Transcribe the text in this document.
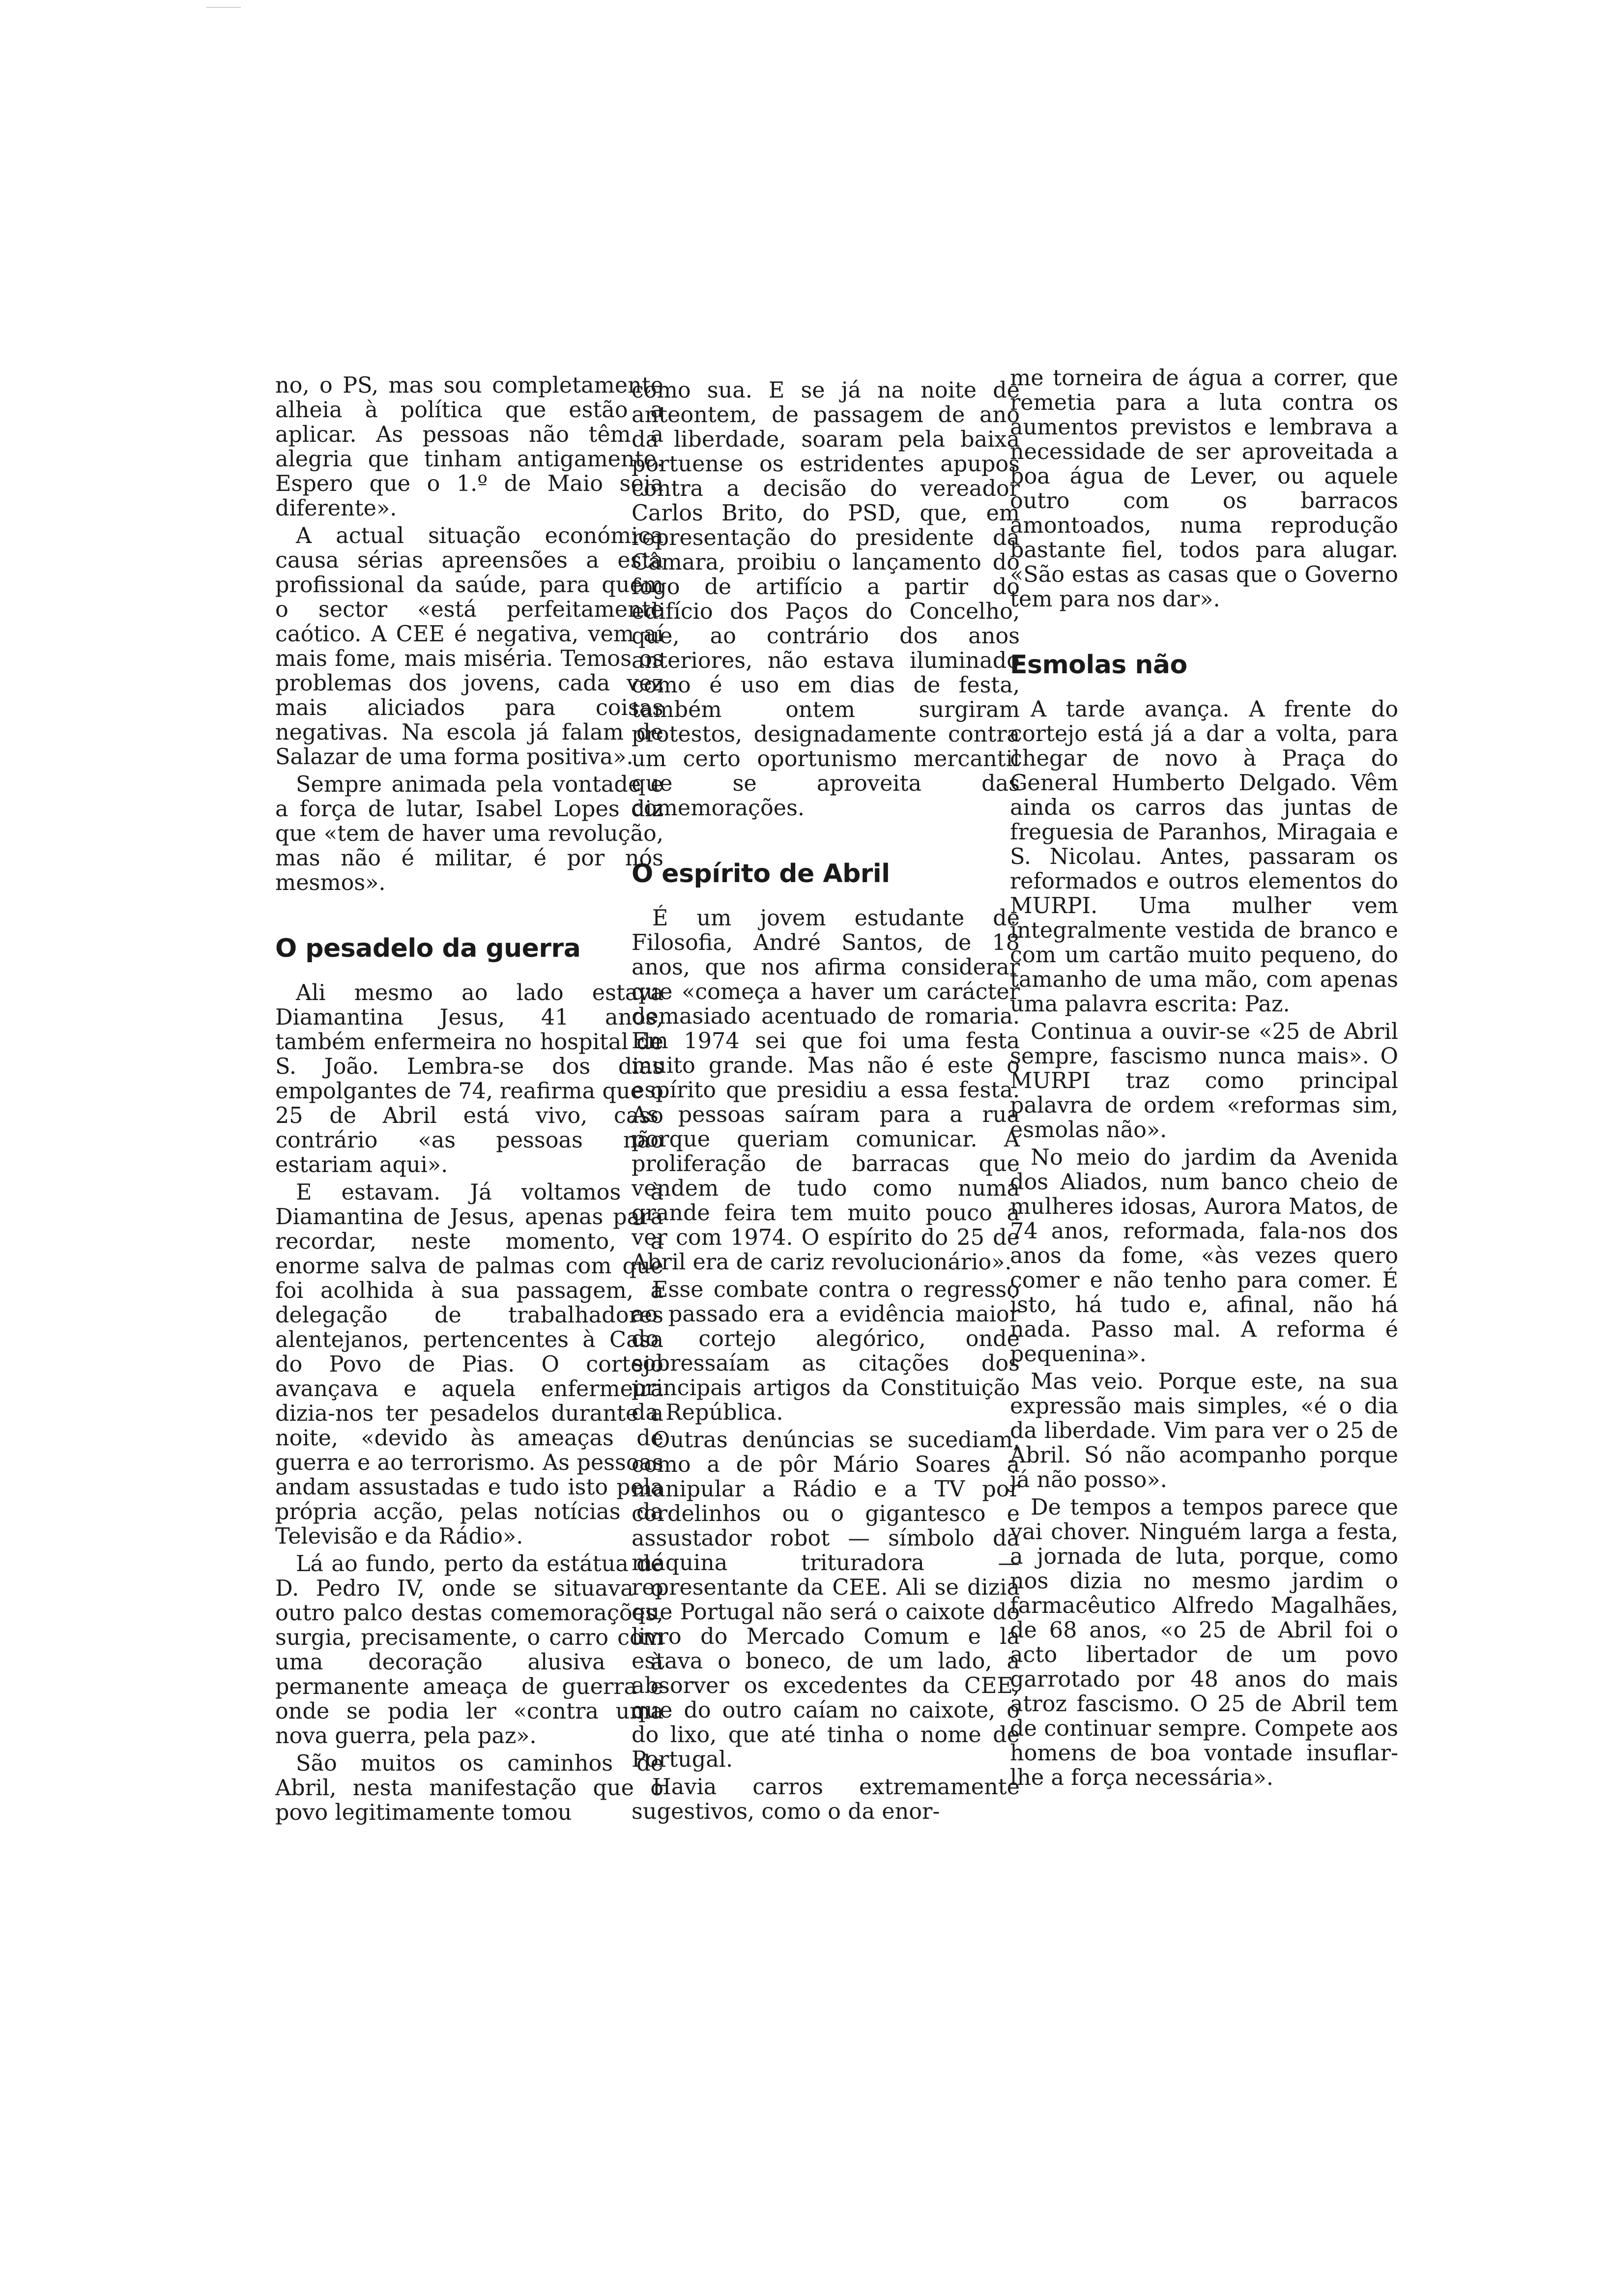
no, o PS, mas sou completamente alheia à política que estão a aplicar. As pessoas não têm a alegria que tinham antigamente. Espero que o 1.º de Maio seja diferente».

A actual situação económica causa sérias apreensões a esta profissional da saúde, para quem o sector «está perfeitamente caótico. A CEE é negativa, vem aí mais fome, mais miséria. Temos os problemas dos jovens, cada vez mais aliciados para coisas negativas. Na escola já falam de Salazar de uma forma positiva».

Sempre animada pela vontade e a força de lutar, Isabel Lopes diz que «tem de haver uma revolução, mas não é militar, é por nós mesmos».

O pesadelo da guerra

Ali mesmo ao lado estava Diamantina Jesus, 41 anos, também enfermeira no hospital de S. João. Lembra-se dos dias empolgantes de 74, reafirma que o 25 de Abril está vivo, caso contrário «as pessoas não estariam aqui».

E estavam. Já voltamos à Diamantina de Jesus, apenas para recordar, neste momento, a enorme salva de palmas com que foi acolhida à sua passagem, a delegação de trabalhadores alentejanos, pertencentes à Casa do Povo de Pias. O cortejo avançava e aquela enfermeira dizia-nos ter pesadelos durante a noite, «devido às ameaças de guerra e ao terrorismo. As pessoas andam assustadas e tudo isto pela própria acção, pelas notícias da Televisão e da Rádio».

Lá ao fundo, perto da estátua de D. Pedro IV, onde se situava o outro palco destas comemorações, surgia, precisamente, o carro com uma decoração alusiva à permanente ameaça de guerra e onde se podia ler «contra uma nova guerra, pela paz».

São muitos os caminhos de Abril, nesta manifestação que o povo legitimamente tomou

como sua. E se já na noite de anteontem, de passagem de ano da liberdade, soaram pela baixa portuense os estridentes apupos contra a decisão do vereador Carlos Brito, do PSD, que, em representação do presidente da Câmara, proibiu o lançamento do fogo de artifício a partir do edifício dos Paços do Concelho, que, ao contrário dos anos anteriores, não estava iluminado como é uso em dias de festa, também ontem surgiram protestos, designadamente contra um certo oportunismo mercantil que se aproveita das comemorações.

O espírito de Abril

É um jovem estudante de Filosofia, André Santos, de 18 anos, que nos afirma considerar que «começa a haver um carácter demasiado acentuado de romaria. Em 1974 sei que foi uma festa muito grande. Mas não é este o espírito que presidiu a essa festa. As pessoas saíram para a rua porque queriam comunicar. A proliferação de barracas que vendem de tudo como numa grande feira tem muito pouco a ver com 1974. O espírito do 25 de Abril era de cariz revolucionário».

Esse combate contra o regresso ao passado era a evidência maior do cortejo alegórico, onde sobressaíam as citações dos principais artigos da Constituição da República.

Outras denúncias se sucediam, como a de pôr Mário Soares a manipular a Rádio e a TV por cordelinhos ou o gigantesco e assustador robot — símbolo da máquina trituradora — representante da CEE. Ali se dizia que Portugal não será o caixote do livro do Mercado Comum e lá estava o boneco, de um lado, a absorver os excedentes da CEE, que do outro caíam no caixote, o do lixo, que até tinha o nome de Portugal.

Havia carros extremamente sugestivos, como o da enor-

me torneira de água a correr, que remetia para a luta contra os aumentos previstos e lembrava a necessidade de ser aproveitada a boa água de Lever, ou aquele outro com os barracos amontoados, numa reprodução bastante fiel, todos para alugar. «São estas as casas que o Governo tem para nos dar».

Esmolas não

A tarde avança. A frente do cortejo está já a dar a volta, para chegar de novo à Praça do General Humberto Delgado. Vêm ainda os carros das juntas de freguesia de Paranhos, Miragaia e S. Nicolau. Antes, passaram os reformados e outros elementos do MURPI. Uma mulher vem integralmente vestida de branco e com um cartão muito pequeno, do tamanho de uma mão, com apenas uma palavra escrita: Paz.

Continua a ouvir-se «25 de Abril sempre, fascismo nunca mais». O MURPI traz como principal palavra de ordem «reformas sim, esmolas não».

No meio do jardim da Avenida dos Aliados, num banco cheio de mulheres idosas, Aurora Matos, de 74 anos, reformada, fala-nos dos anos da fome, «às vezes quero comer e não tenho para comer. É isto, há tudo e, afinal, não há nada. Passo mal. A reforma é pequenina».

Mas veio. Porque este, na sua expressão mais simples, «é o dia da liberdade. Vim para ver o 25 de Abril. Só não acompanho porque já não posso».

De tempos a tempos parece que vai chover. Ninguém larga a festa, a jornada de luta, porque, como nos dizia no mesmo jardim o farmacêutico Alfredo Magalhães, de 68 anos, «o 25 de Abril foi o acto libertador de um povo garrotado por 48 anos do mais atroz fascismo. O 25 de Abril tem de continuar sempre. Compete aos homens de boa vontade insuflar-lhe a força necessária».
